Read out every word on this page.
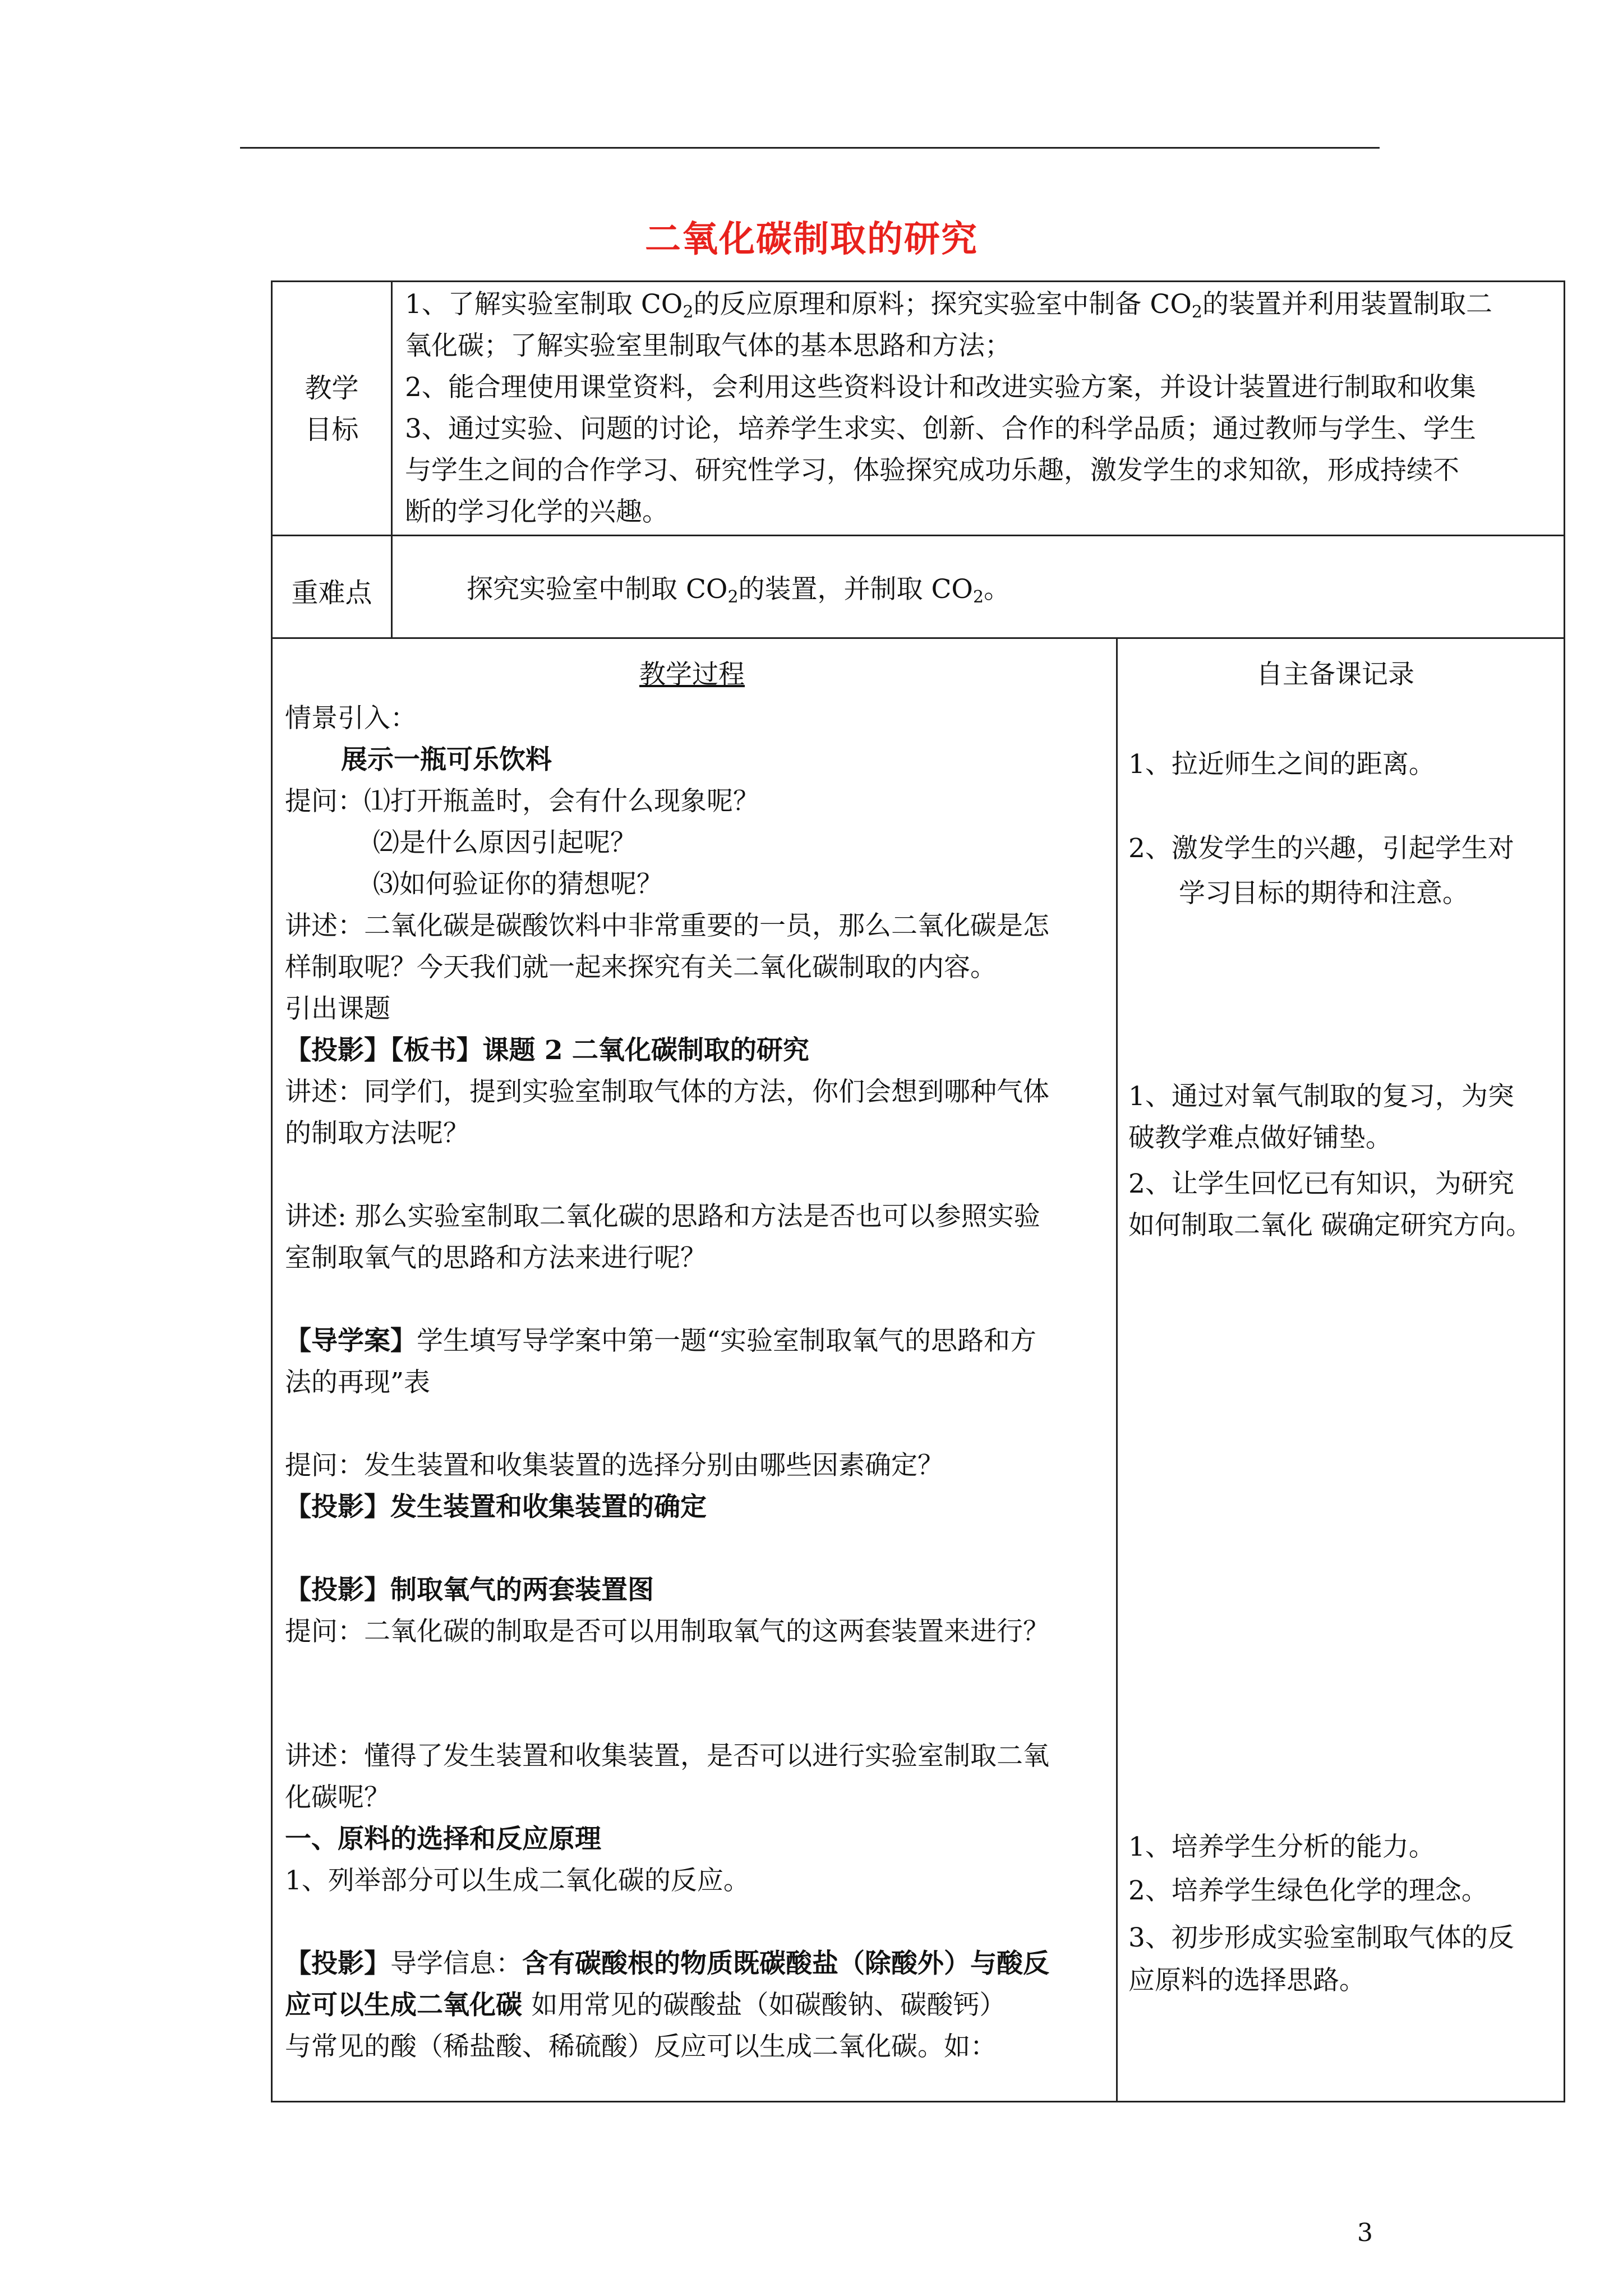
二氧化碳制取的研究
教学
目标
1、了解实验室制取 $CO_2$的反应原理和原料；探究实验室中制备 $CO_2$的装置并利用装置制取二
氧化碳；了解实验室里制取气体的基本思路和方法；
2、能合理使用课堂资料，会利用这些资料设计和改进实验方案，并设计装置进行制取和收集
3、通过实验、问题的讨论，培养学生求实、创新、合作的科学品质；通过教师与学生、学生
与学生之间的合作学习、研究性学习，体验探究成功乐趣，激发学生的求知欲，形成持续不
断的学习化学的兴趣。
重难点	探究实验室中制取 $CO_2$的装置，并制取 $CO_2$。
教学过程	自主备课记录
情景引入：
展示一瓶可乐饮料
提问：⑴打开瓶盖时，会有什么现象呢？
⑵是什么原因引起呢？
⑶如何验证你的猜想呢？
讲述：二氧化碳是碳酸饮料中非常重要的一员，那么二氧化碳是怎
样制取呢？今天我们就一起来探究有关二氧化碳制取的内容。
引出课题
【投影】【板书】课题 2 二氧化碳制取的研究
讲述：同学们，提到实验室制取气体的方法，你们会想到哪种气体
的制取方法呢？
讲述: 那么实验室制取二氧化碳的思路和方法是否也可以参照实验
室制取氧气的思路和方法来进行呢？
【导学案】学生填写导学案中第一题“实验室制取氧气的思路和方
法的再现”表
提问：发生装置和收集装置的选择分别由哪些因素确定？
【投影】发生装置和收集装置的确定
【投影】制取氧气的两套装置图
提问：二氧化碳的制取是否可以用制取氧气的这两套装置来进行？
讲述：懂得了发生装置和收集装置，是否可以进行实验室制取二氧
化碳呢？
一、原料的选择和反应原理
1、列举部分可以生成二氧化碳的反应。
【投影】导学信息：含有碳酸根的物质既碳酸盐（除酸外）与酸反
应可以生成二氧化碳 如用常见的碳酸盐（如碳酸钠、碳酸钙）
与常见的酸（稀盐酸、稀硫酸）反应可以生成二氧化碳。如：
1、拉近师生之间的距离。
2、激发学生的兴趣，引起学生对
学习目标的期待和注意。
1、通过对氧气制取的复习，为突
破教学难点做好铺垫。
2、让学生回忆已有知识，为研究
如何制取二氧化 碳确定研究方向。
1、培养学生分析的能力。
2、培养学生绿色化学的理念。
3、初步形成实验室制取气体的反
应原料的选择思路。
3
